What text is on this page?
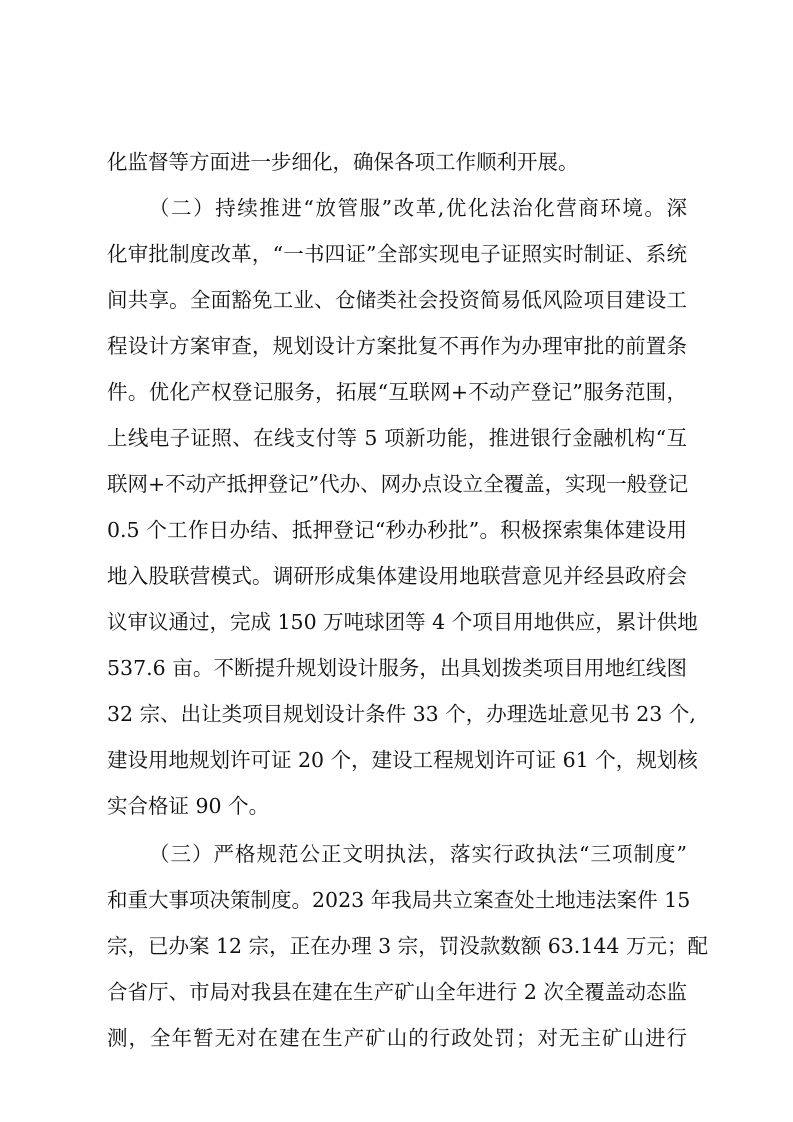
化监督等方面进一步细化，确保各项工作顺利开展。
（二）持续推进“放管服”改革,优化法治化营商环境。深
化审批制度改革，“一书四证”全部实现电子证照实时制证、系统
间共享。全面豁免工业、仓储类社会投资简易低风险项目建设工
程设计方案审查，规划设计方案批复不再作为办理审批的前置条
件。优化产权登记服务，拓展“互联网+不动产登记”服务范围，
上线电子证照、在线支付等 5 项新功能，推进银行金融机构“互
联网+不动产抵押登记”代办、网办点设立全覆盖，实现一般登记
0.5 个工作日办结、抵押登记“秒办秒批”。积极探索集体建设用
地入股联营模式。调研形成集体建设用地联营意见并经县政府会
议审议通过，完成 150 万吨球团等 4 个项目用地供应，累计供地
537.6 亩。不断提升规划设计服务，出具划拨类项目用地红线图
32 宗、出让类项目规划设计条件 33 个，办理选址意见书 23 个,
建设用地规划许可证 20 个，建设工程规划许可证 61 个，规划核
实合格证 90 个。
（三）严格规范公正文明执法，落实行政执法“三项制度”
和重大事项决策制度。2023 年我局共立案查处土地违法案件 15
宗，已办案 12 宗，正在办理 3 宗，罚没款数额 63.144 万元；配
合省厅、市局对我县在建在生产矿山全年进行 2 次全覆盖动态监
测，全年暂无对在建在生产矿山的行政处罚；对无主矿山进行
